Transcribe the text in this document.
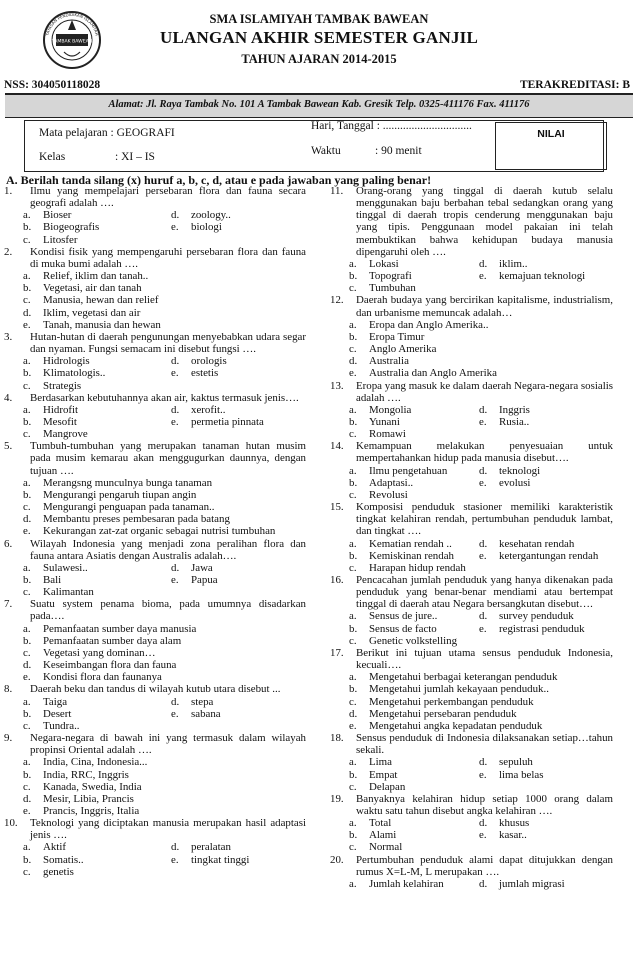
TAMBAK BAWEAN
YAYASAN PENDIDIKAN ISLAMIYAH
SMA ISLAMIYAH TAMBAK BAWEAN
ULANGAN AKHIR SEMESTER GANJIL
TAHUN AJARAN 2014-2015
NSS: 304050118028	TERAKREDITASI: B
Alamat: Jl. Raya Tambak No. 101 A Tambak Bawean Kab. Gresik Telp. 0325-411176 Fax. 411176
Mata pelajaran : GEOGRAFI
Kelas	: XI – IS
Hari, Tanggal : ...............................
Waktu	: 90 menit
NILAI
A. Berilah tanda silang (x) huruf a, b, c, d, atau e pada jawaban yang paling benar!
1.	Ilmu yang mempelajari persebaran flora dan fauna secara geografi adalah ….
a.	Bioser	d.	zoology..
b.	Biogeografis	e.	biologi
c.	Litosfer
2.	Kondisi fisik yang mempengaruhi persebaran flora dan fauna di muka bumi adalah ….
a.	Relief, iklim dan tanah..
b.	Vegetasi, air dan tanah
c.	Manusia, hewan dan relief
d.	Iklim, vegetasi dan air
e.	Tanah, manusia dan hewan
3.	Hutan-hutan di daerah pengunungan menyebabkan udara segar dan nyaman. Fungsi semacam ini disebut fungsi ….
a.	Hidrologis	d.	orologis
b.	Klimatologis..	e.	estetis
c.	Strategis
4.	Berdasarkan kebutuhannya akan air, kaktus termasuk jenis….
a.	Hidrofit	d.	xerofit..
b.	Mesofit	e.	permetia pinnata
c.	Mangrove
5.	Tumbuh-tumbuhan yang merupakan tanaman hutan musim pada musim kemarau akan menggugurkan daunnya, dengan tujuan ….
a.	Merangsng munculnya bunga tanaman
b.	Mengurangi pengaruh tiupan angin
c.	Mengurangi penguapan pada tanaman..
d.	Membantu preses pembesaran pada batang
e.	Kekurangan zat-zat organic sebagai nutrisi tumbuhan
6.	Wilayah Indonesia yang menjadi zona peralihan flora dan fauna antara Asiatis dengan Australis adalah….
a.	Sulawesi..	d.	Jawa
b.	Bali	e.	Papua
c.	Kalimantan
7.	Suatu system penama bioma, pada umumnya disadarkan pada….
a.	Pemanfaatan sumber daya manusia
b.	Pemanfaatan sumber daya alam
c.	Vegetasi yang dominan…
d.	Keseimbangan flora dan fauna
e.	Kondisi flora dan faunanya
8.	Daerah beku dan tandus di wilayah kutub utara disebut ...
a.	Taiga	d.	stepa
b.	Desert	e.	sabana
c.	Tundra..
9.	Negara-negara di bawah ini yang termasuk dalam wilayah propinsi Oriental adalah ….
a.	India, Cina, Indonesia...
b.	India, RRC, Inggris
c.	Kanada, Swedia, India
d.	Mesir, Libia, Prancis
e.	Prancis, Inggris, Italia
10.	Teknologi yang diciptakan manusia merupakan hasil adaptasi jenis ….
a.	Aktif	d.	peralatan
b.	Somatis..	e.	tingkat tinggi
c.	genetis
11.	Orang-orang yang tinggal di daerah kutub selalu menggunakan baju berbahan tebal sedangkan orang yang tinggal di daerah tropis cenderung menggunakan baju yang tipis. Penggunaan model pakaian ini telah membuktikan bahwa kehidupan budaya manusia dipengaruhi oleh ….
a.	Lokasi	d.	iklim..
b.	Topografi	e.	kemajuan teknologi
c.	Tumbuhan
12.	Daerah budaya yang bercirikan kapitalisme, industrialism, dan urbanisme memuncak adalah…
a.	Eropa dan Anglo Amerika..
b.	Eropa Timur
c.	Anglo Amerika
d.	Australia
e.	Australia dan Anglo Amerika
13.	Eropa yang masuk ke dalam daerah Negara-negara sosialis adalah ….
a.	Mongolia	d.	Inggris
b.	Yunani	e.	Rusia..
c.	Romawi
14.	Kemampuan melakukan penyesuaian untuk mempertahankan hidup pada manusia disebut….
a.	Ilmu pengetahuan	d.	teknologi
b.	Adaptasi..	e.	evolusi
c.	Revolusi
15.	Komposisi penduduk stasioner memiliki karakteristik tingkat kelahiran rendah, pertumbuhan penduduk lambat, dan tingkat ….
a.	Kematian rendah .. d.	kesehatan rendah
b.	Kemiskinan rendah e.	ketergantungan rendah
c.	Harapan hidup rendah
16.	Pencacahan jumlah penduduk yang hanya dikenakan pada penduduk yang benar-benar mendiami atau bertempat tinggal di daerah atau Negara bersangkutan disebut….
a.	Sensus de jure..	d.	survey penduduk
b.	Sensus de facto	e.	registrasi penduduk
c.	Genetic volkstelling
17.	Berikut ini tujuan utama sensus penduduk Indonesia, kecuali….
a.	Mengetahui berbagai keterangan penduduk
b.	Mengetahui jumlah kekayaan penduduk..
c.	Mengetahui perkembangan penduduk
d.	Mengetahui persebaran penduduk
e.	Mengetahui angka kepadatan penduduk
18.	Sensus penduduk di Indonesia dilaksanakan setiap…tahun sekali.
a.	Lima	d.	sepuluh
b.	Empat	e.	lima belas
c.	Delapan
19.	Banyaknya kelahiran hidup setiap 1000 orang dalam waktu satu tahun disebut angka kelahiran ….
a.	Total	d.	khusus
b.	Alami	e.	kasar..
c.	Normal
20.	Pertumbuhan penduduk alami dapat ditujukkan dengan rumus X=L-M, L merupakan ….
a.	Jumlah kelahiran	d.	jumlah migrasi
